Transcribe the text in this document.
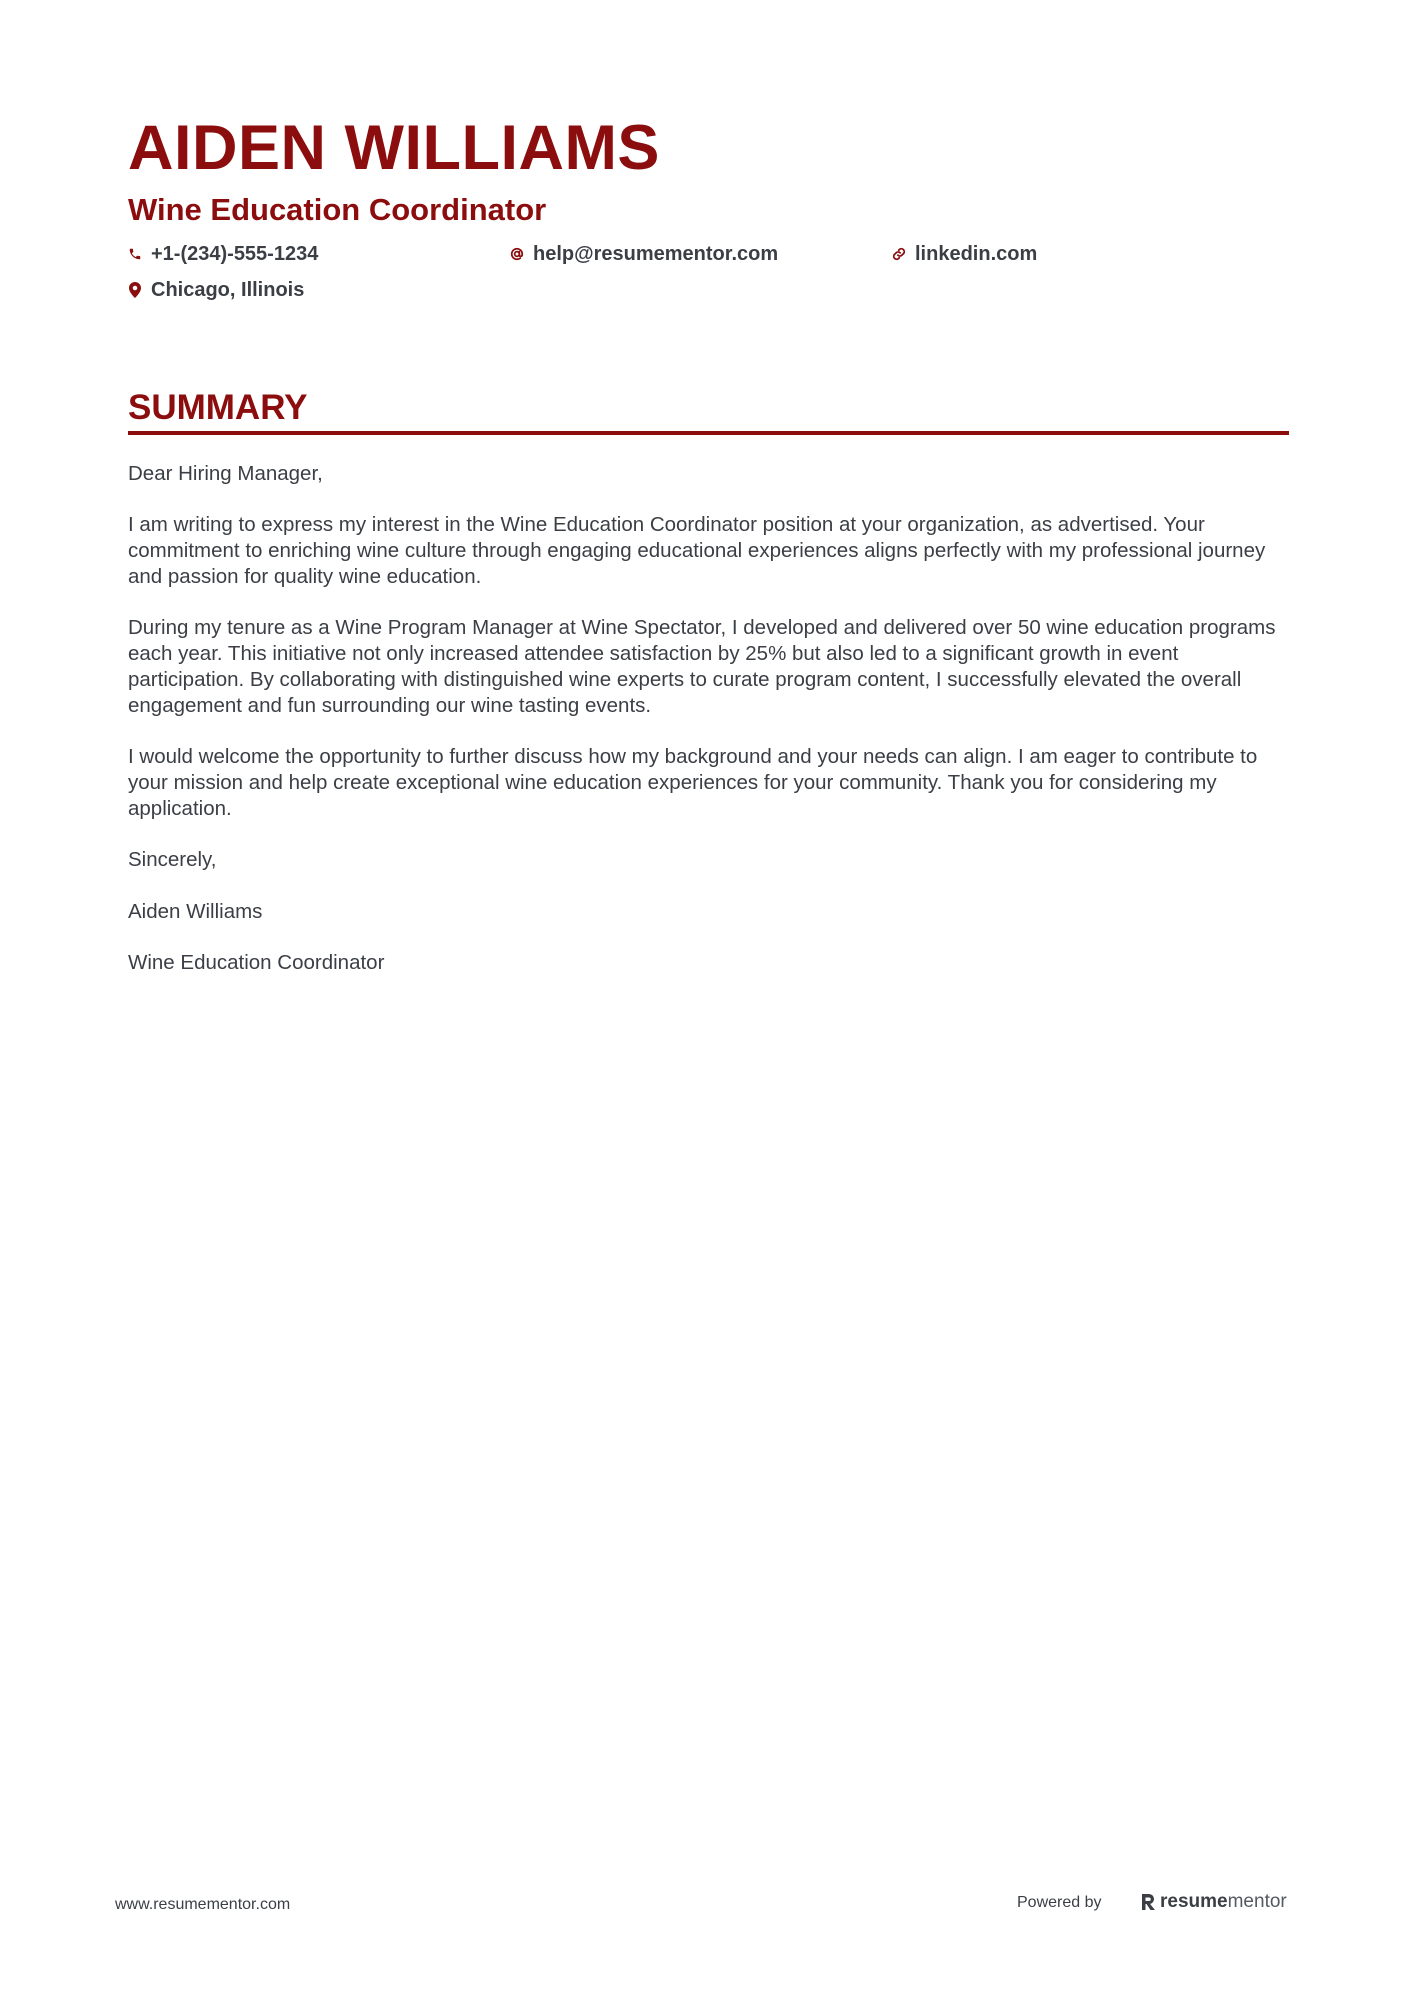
AIDEN WILLIAMS
Wine Education Coordinator
+1-(234)-555-1234	help@resumementor.com	linkedin.com
Chicago, Illinois
SUMMARY

Dear Hiring Manager,

I am writing to express my interest in the Wine Education Coordinator position at your organization, as advertised. Your commitment to enriching wine culture through engaging educational experiences aligns perfectly with my professional journey and passion for quality wine education.

During my tenure as a Wine Program Manager at Wine Spectator, I developed and delivered over 50 wine education programs each year. This initiative not only increased attendee satisfaction by 25% but also led to a significant growth in event participation. By collaborating with distinguished wine experts to curate program content, I successfully elevated the overall engagement and fun surrounding our wine tasting events.

I would welcome the opportunity to further discuss how my background and your needs can align. I am eager to contribute to your mission and help create exceptional wine education experiences for your community. Thank you for considering my application.

Sincerely,

Aiden Williams

Wine Education Coordinator

www.resumementor.com	Powered by	resume mentor
